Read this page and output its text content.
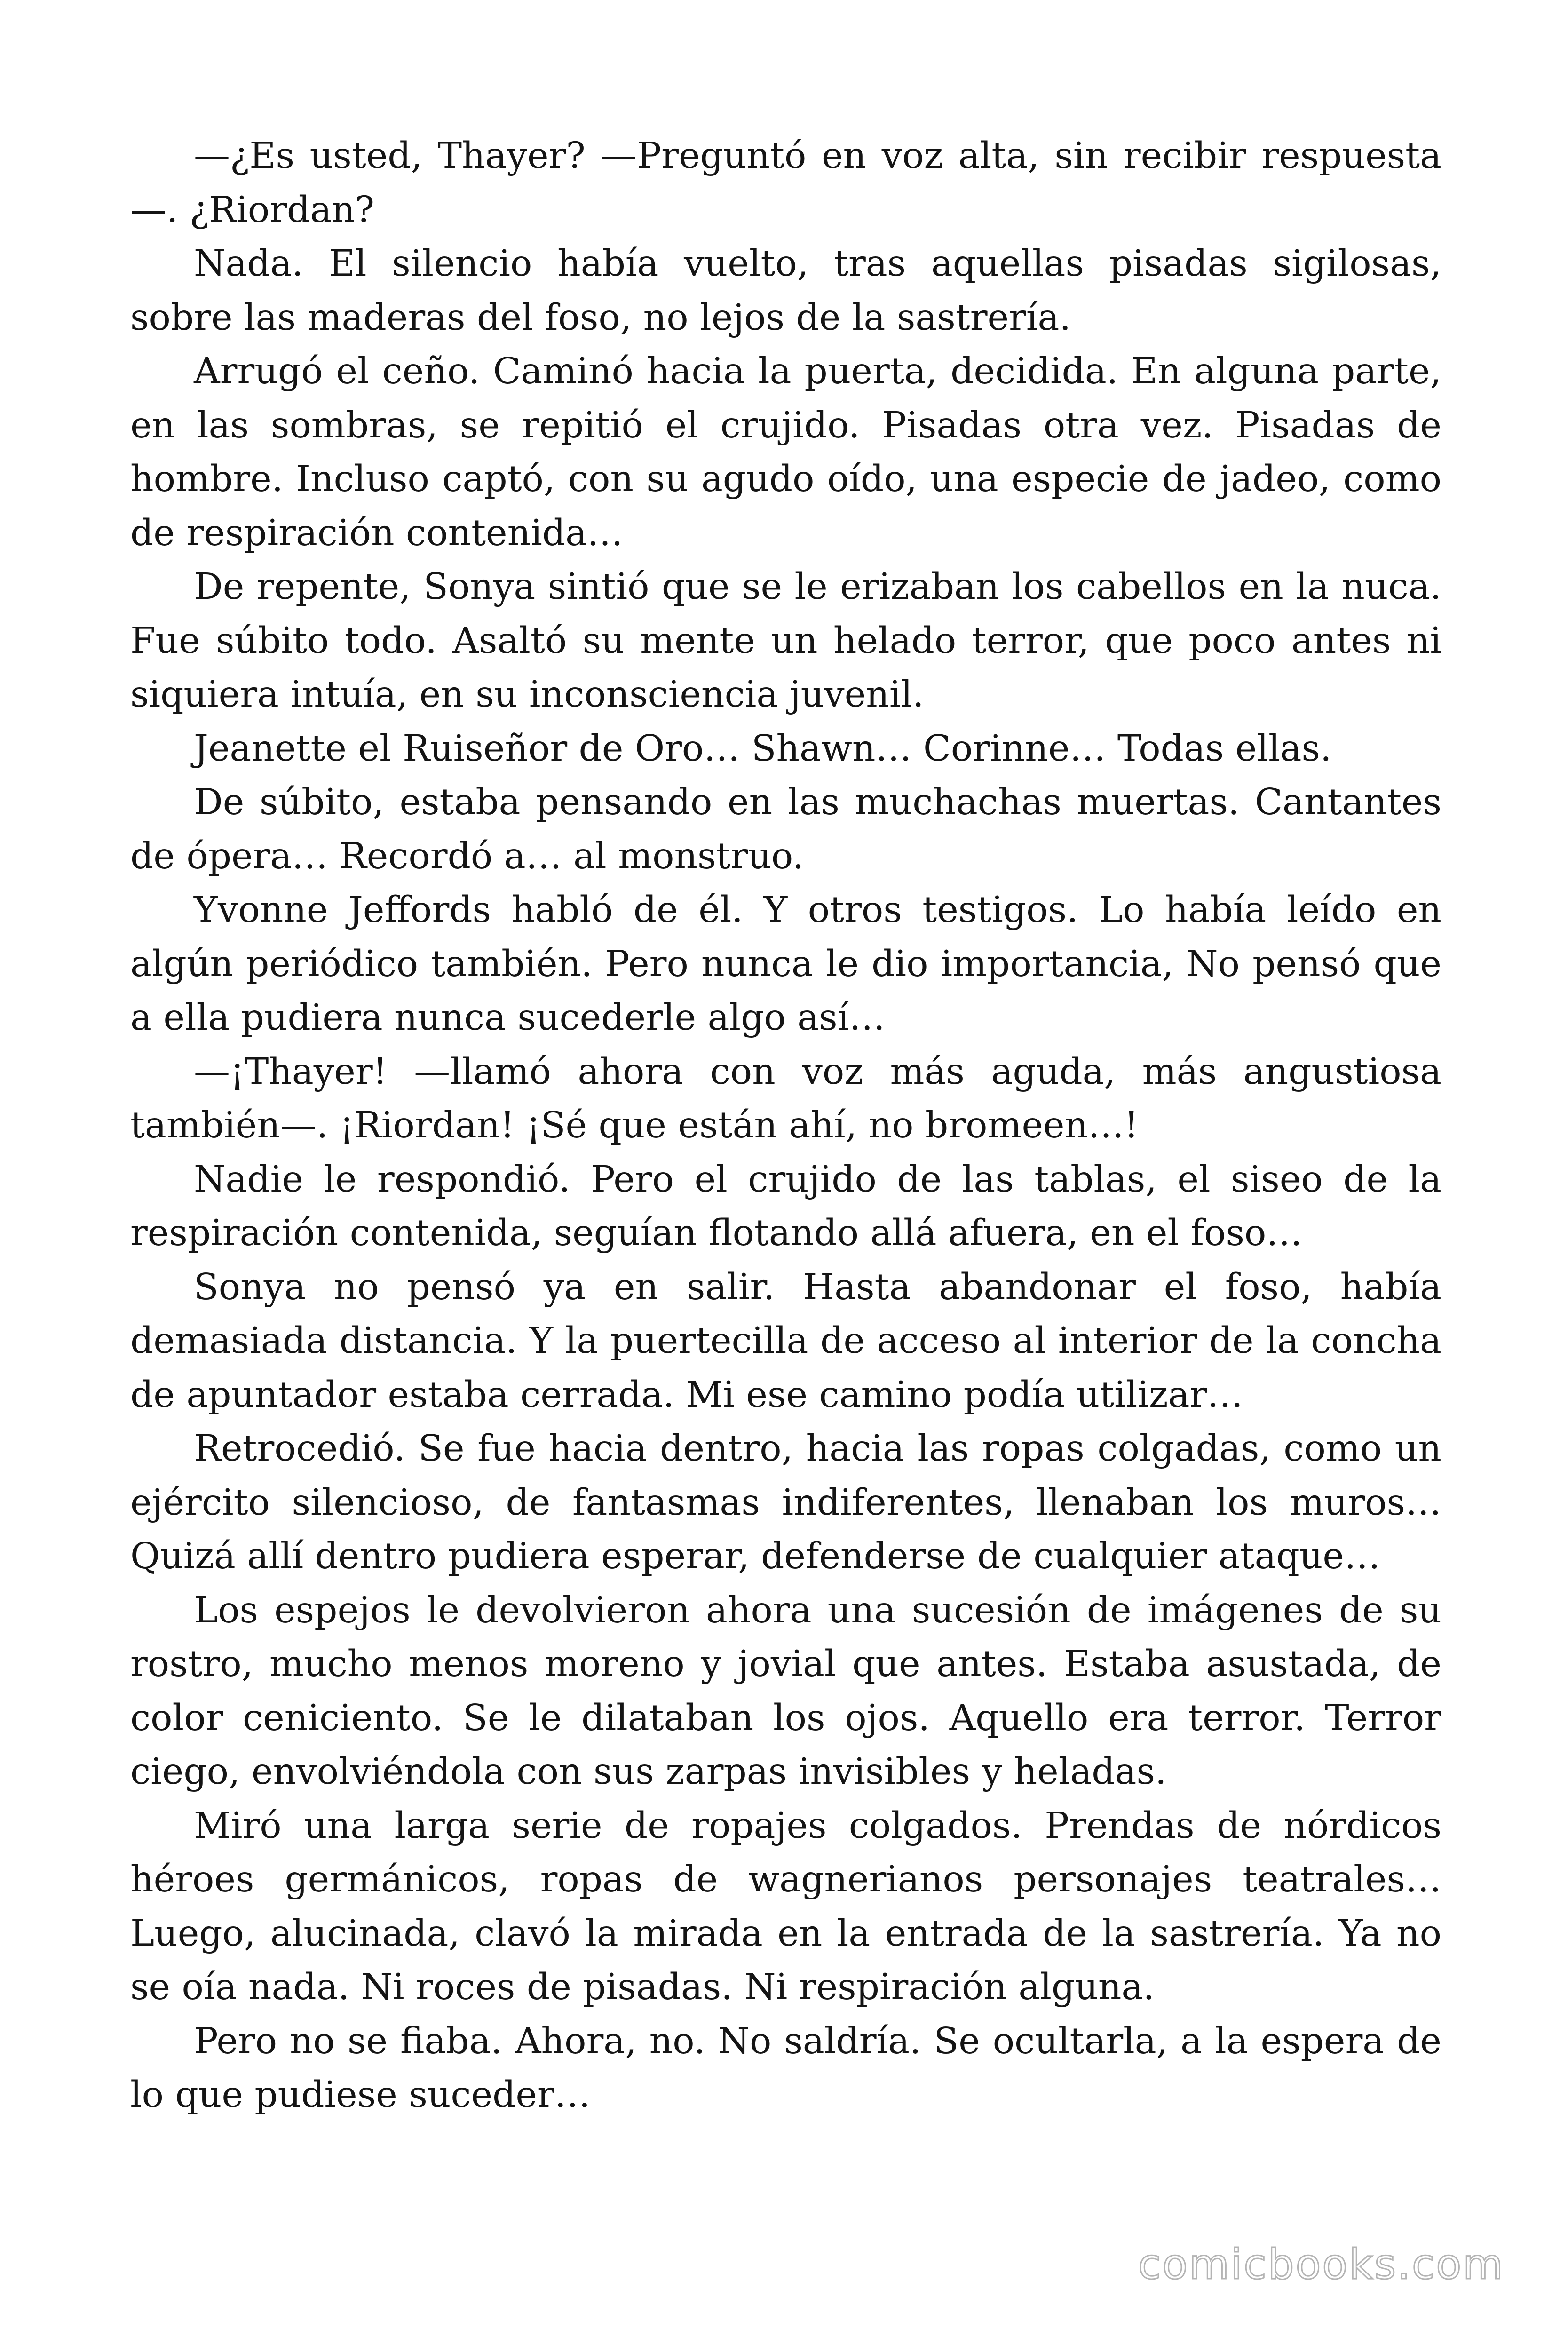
—¿Es usted, Thayer? —Preguntó en voz alta, sin recibir respuesta—. ¿Riordan?

Nada. El silencio había vuelto, tras aquellas pisadas sigilosas, sobre las maderas del foso, no lejos de la sastrería.

Arrugó el ceño. Caminó hacia la puerta, decidida. En alguna parte, en las sombras, se repitió el crujido. Pisadas otra vez. Pisadas de hombre. Incluso captó, con su agudo oído, una especie de jadeo, como de respiración contenida…

De repente, Sonya sintió que se le erizaban los cabellos en la nuca. Fue súbito todo. Asaltó su mente un helado terror, que poco antes ni siquiera intuía, en su inconsciencia juvenil.

Jeanette el Ruiseñor de Oro… Shawn… Corinne… Todas ellas.

De súbito, estaba pensando en las muchachas muertas. Cantantes de ópera… Recordó a… al monstruo.

Yvonne Jeffords habló de él. Y otros testigos. Lo había leído en algún periódico también. Pero nunca le dio importancia, No pensó que a ella pudiera nunca sucederle algo así…

—¡Thayer! —llamó ahora con voz más aguda, más angustiosa también—. ¡Riordan! ¡Sé que están ahí, no bromeen…!

Nadie le respondió. Pero el crujido de las tablas, el siseo de la respiración contenida, seguían flotando allá afuera, en el foso…

Sonya no pensó ya en salir. Hasta abandonar el foso, había demasiada distancia. Y la puertecilla de acceso al interior de la concha de apuntador estaba cerrada. Mi ese camino podía utilizar…

Retrocedió. Se fue hacia dentro, hacia las ropas colgadas, como un ejército silencioso, de fantasmas indiferentes, llenaban los muros… Quizá allí dentro pudiera esperar, defenderse de cualquier ataque…

Los espejos le devolvieron ahora una sucesión de imágenes de su rostro, mucho menos moreno y jovial que antes. Estaba asustada, de color ceniciento. Se le dilataban los ojos. Aquello era terror. Terror ciego, envolviéndola con sus zarpas invisibles y heladas.

Miró una larga serie de ropajes colgados. Prendas de nórdicos héroes germánicos, ropas de wagnerianos personajes teatrales… Luego, alucinada, clavó la mirada en la entrada de la sastrería. Ya no se oía nada. Ni roces de pisadas. Ni respiración alguna.

Pero no se fiaba. Ahora, no. No saldría. Se ocultarla, a la espera de lo que pudiese suceder…

comicbooks.com
